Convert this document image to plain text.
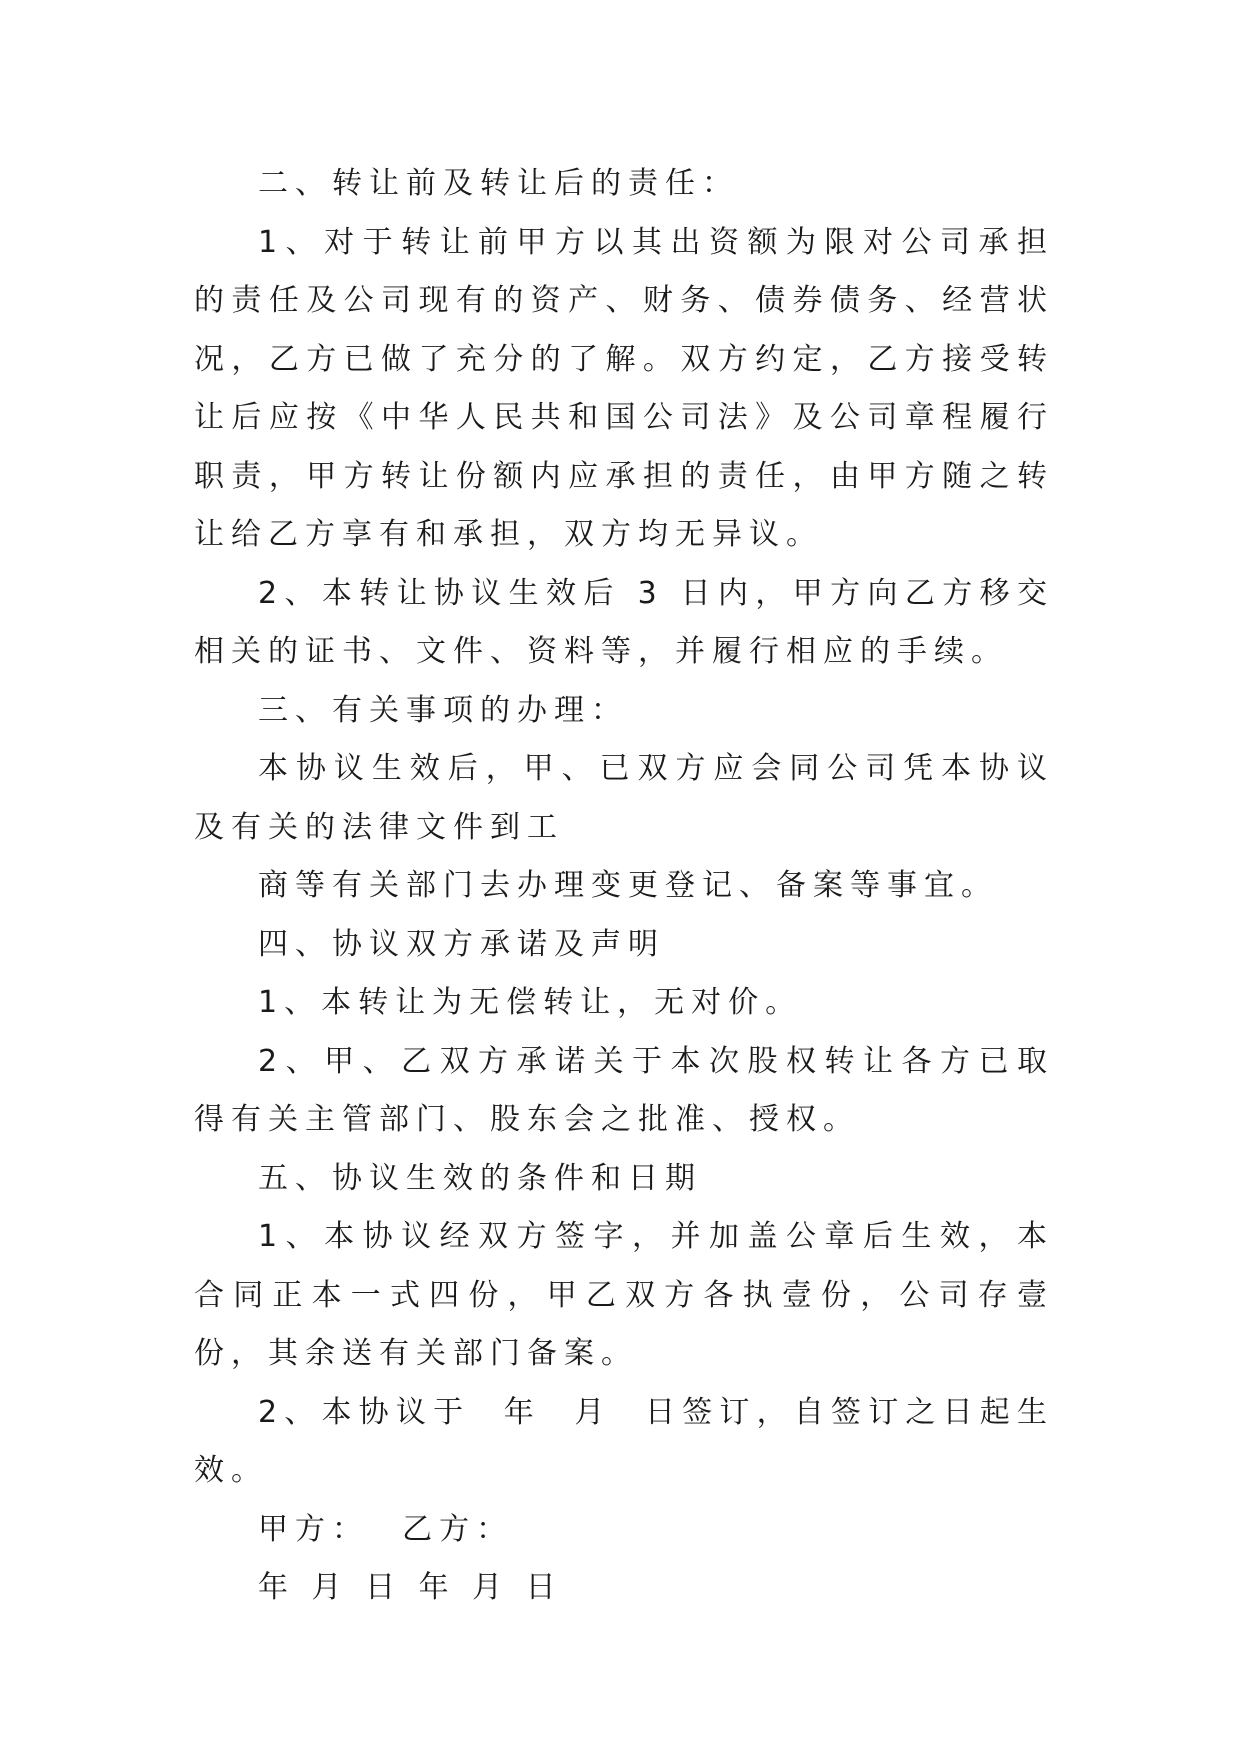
二、转让前及转让后的责任：

1、对于转让前甲方以其出资额为限对公司承担的责任及公司现有的资产、财务、债券债务、经营状况，乙方已做了充分的了解。双方约定，乙方接受转让后应按《中华人民共和国公司法》及公司章程履行职责，甲方转让份额内应承担的责任，由甲方随之转让给乙方享有和承担，双方均无异议。

2、本转让协议生效后 3 日内，甲方向乙方移交相关的证书、文件、资料等，并履行相应的手续。

三、有关事项的办理：

本协议生效后，甲、已双方应会同公司凭本协议及有关的法律文件到工

商等有关部门去办理变更登记、备案等事宜。

四、协议双方承诺及声明

1、本转让为无偿转让，无对价。

2、甲、乙双方承诺关于本次股权转让各方已取得有关主管部门、股东会之批准、授权。

五、协议生效的条件和日期

1、本协议经双方签字，并加盖公章后生效，本合同正本一式四份，甲乙双方各执壹份，公司存壹份，其余送有关部门备案。

2、本协议于  年  月  日签订，自签订之日起生效。

甲方：  乙方：

年 月 日 年 月 日
